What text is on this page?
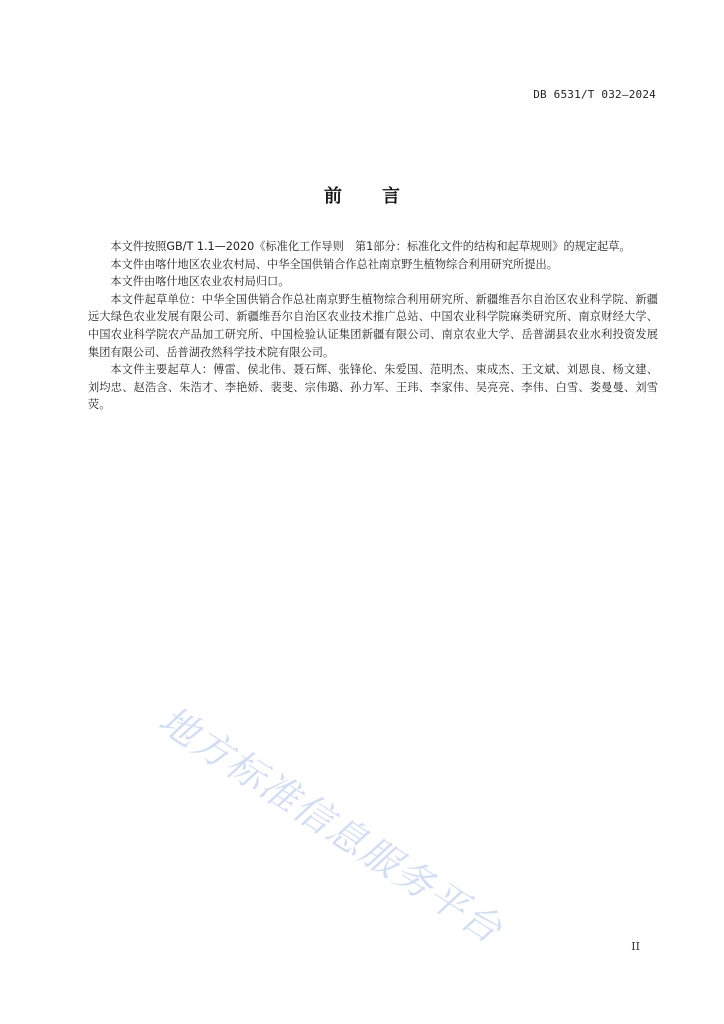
DB 6531/T 032—2024
前言

本文件按照GB/T 1.1—2020《标准化工作导则　第1部分：标准化文件的结构和起草规则》的规定起草。

本文件由喀什地区农业农村局、中华全国供销合作总社南京野生植物综合利用研究所提出。

本文件由喀什地区农业农村局归口。

本文件起草单位：中华全国供销合作总社南京野生植物综合利用研究所、新疆维吾尔自治区农业科学院、新疆远大绿色农业发展有限公司、新疆维吾尔自治区农业技术推广总站、中国农业科学院麻类研究所、南京财经大学、中国农业科学院农产品加工研究所、中国检验认证集团新疆有限公司、南京农业大学、岳普湖县农业水利投资发展集团有限公司、岳普湖孜然科学技术院有限公司。

本文件主要起草人：傅雷、侯北伟、聂石辉、张锋伦、朱爱国、范明杰、束成杰、王文斌、刘恩良、杨文建、刘均忠、赵浩含、朱浩才、李艳娇、裴斐、宗伟璐、孙力军、王玮、李家伟、吴亮亮、李伟、白雪、娄曼曼、刘雪荧。

地方标准信息服务平台	II
